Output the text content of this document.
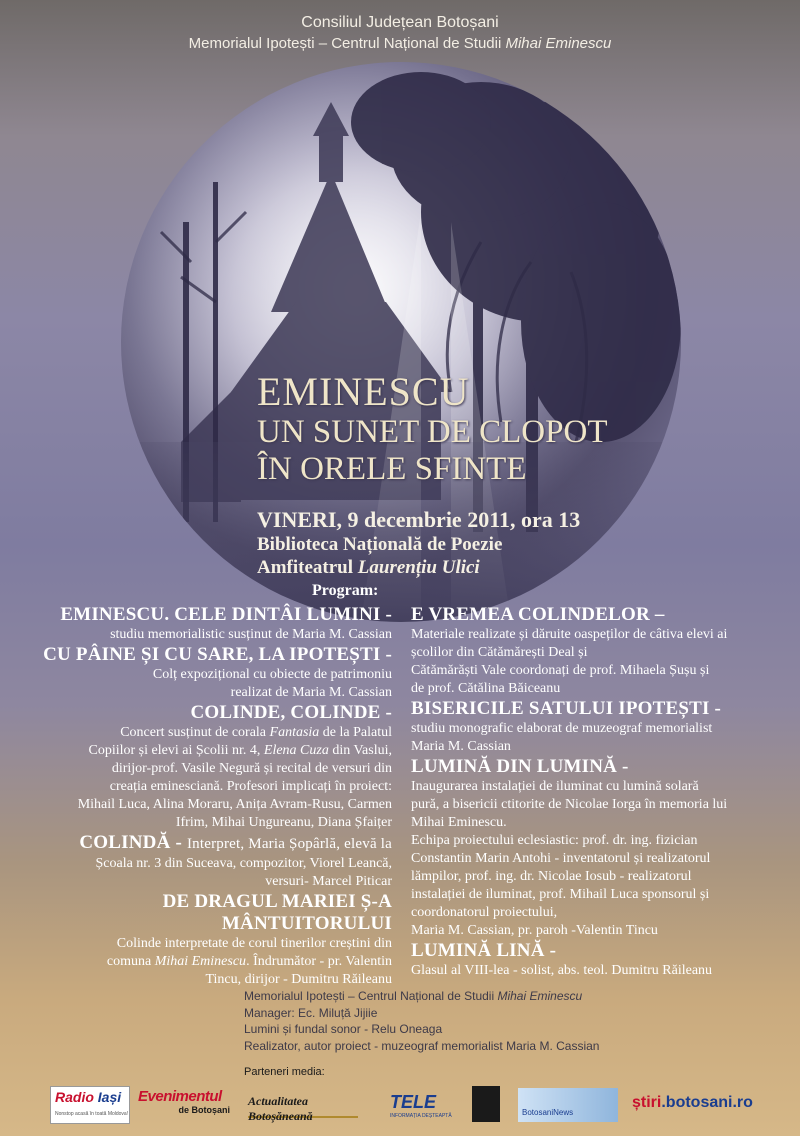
Consiliul Județean Botoșani
Memorialul Ipotești – Centrul Național de Studii Mihai Eminescu
EMINESCU
UN SUNET DE CLOPOT
ÎN ORELE SFINTE
VINERI, 9 decembrie 2011, ora 13
Biblioteca Națională de Poezie
Amfiteatrul Laurențiu Ulici
Program:
EMINESCU. CELE DINTÂI LUMINI -
studiu memorialistic susținut de Maria M. Cassian
CU PÂINE ȘI CU SARE, LA IPOTEȘTI -
Colț expozițional cu obiecte de patrimoniu
realizat de Maria M. Cassian
COLINDE, COLINDE -
Concert susținut de corala Fantasia de la Palatul
Copiilor și elevi ai Școlii nr. 4, Elena Cuza din Vaslui,
dirijor-prof. Vasile Negură și recital de versuri din
creația eminesciană. Profesori implicați în proiect:
Mihail Luca, Alina Moraru, Anița Avram-Rusu, Carmen
Ifrim, Mihai Ungureanu, Diana Șfaițer
COLINDĂ - Interpret, Maria Șopârlă, elevă la
Școala nr. 3 din Suceava, compozitor, Viorel Leancă,
versuri- Marcel Piticar
DE DRAGUL MARIEI Ș-A MÂNTUITORULUI
Colinde interpretate de corul tinerilor creștini din
comuna Mihai Eminescu. Îndrumător - pr. Valentin
Tincu, dirijor - Dumitru Răileanu
E VREMEA COLINDELOR –
Materiale realizate și dăruite oaspeților de câtiva elevi ai
școlilor din Cătămărești Deal și
Cătămărăști Vale coordonați de prof. Mihaela Șușu și
de prof. Cătălina Băiceanu
BISERICILE SATULUI IPOTEȘTI -
studiu monografic elaborat de muzeograf memorialist
Maria M. Cassian
LUMINĂ DIN LUMINĂ -
Inaugurarea instalației de iluminat cu lumină solară
pură, a bisericii ctitorite de Nicolae Iorga în memoria lui
Mihai Eminescu.
Echipa proiectului eclesiastic: prof. dr. ing. fizician
Constantin Marin Antohi - inventatorul și realizatorul
lămpilor, prof. ing. dr. Nicolae Iosub - realizatorul
instalației de iluminat, prof. Mihail Luca sponsorul și
coordonatorul proiectului,
Maria M. Cassian, pr. paroh -Valentin Tincu
LUMINĂ LINĂ -
Glasul al VIII-lea - solist, abs. teol. Dumitru Răileanu
Memorialul Ipotești – Centrul Național de Studii Mihai Eminescu
Manager: Ec. Miluță Jijiie
Lumini și fundal sonor - Relu Oneaga
Realizator, autor proiect - muzeograf memorialist Maria M. Cassian
Parteneri media:
Radio Iași
Nonstop acasă în toată Moldova!
Evenimentul
de Botoșani
Actualitatea Botoșăneană
TELE
INFORMAȚIA DEȘTEAPTĂ	BotosaniNews
știri.botosani.ro
